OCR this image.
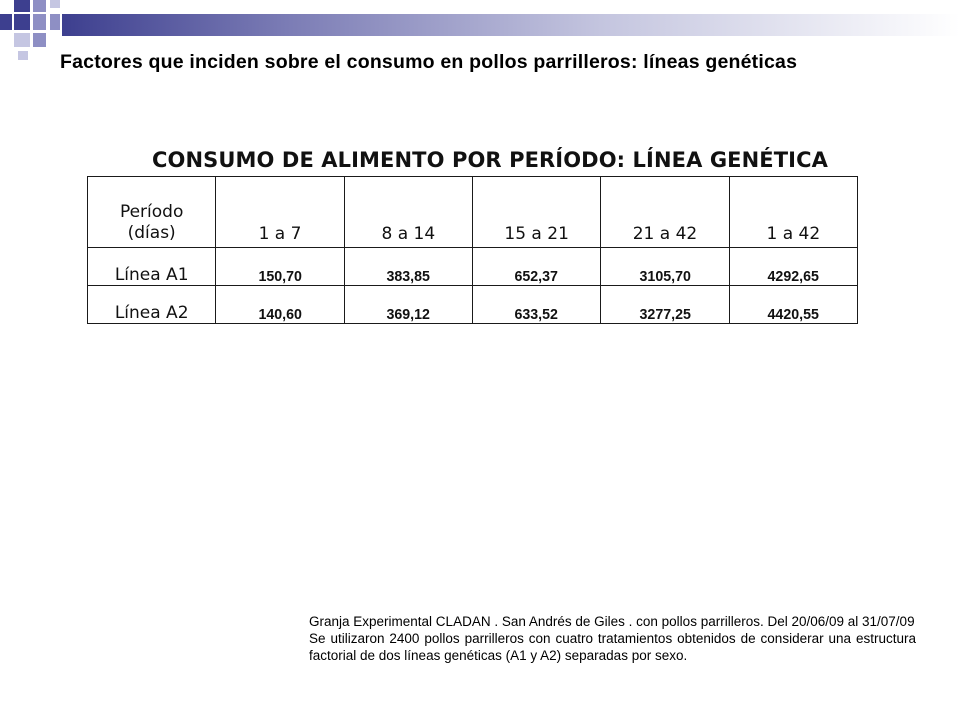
Factores que inciden sobre el consumo en pollos parrilleros: líneas genéticas
CONSUMO DE ALIMENTO POR PERÍODO: LÍNEA GENÉTICA
Período
(días)	1 a 7	8 a 14	15 a 21	21 a 42	1 a 42

Línea A1	150,70	383,85	652,37	3105,70	4292,65
Línea A2	140,60	369,12	633,52	3277,25	4420,55

Granja Experimental CLADAN . San Andrés de Giles . con pollos parrilleros. Del 20/06/09 al 31/07/09

Se utilizaron 2400 pollos parrilleros con cuatro tratamientos obtenidos de considerar una estructura factorial de dos líneas genéticas (A1 y A2) separadas por sexo.
